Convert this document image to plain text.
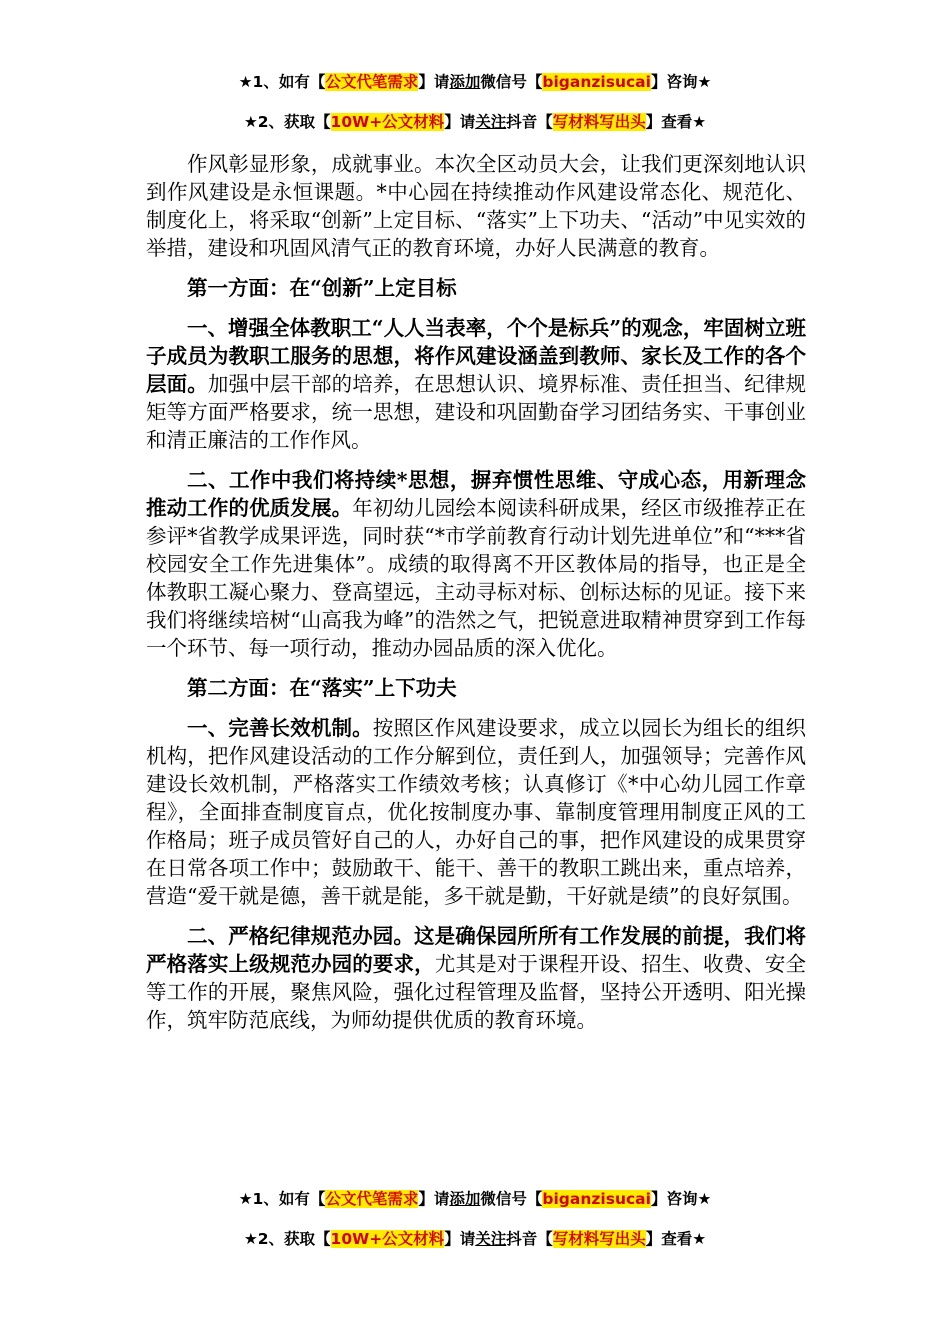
★1、如有【公文代笔需求】请添加微信号【biganzisucai】咨询★
★2、获取【10W+公文材料】请关注抖音【写材料写出头】查看★

作风彰显形象，成就事业。本次全区动员大会，让我们更深刻地认识到作风建设是永恒课题。*中心园在持续推动作风建设常态化、规范化、制度化上，将采取“创新”上定目标、“落实”上下功夫、“活动”中见实效的举措，建设和巩固风清气正的教育环境，办好人民满意的教育。

第一方面：在“创新”上定目标

一、增强全体教职工“人人当表率，个个是标兵”的观念，牢固树立班子成员为教职工服务的思想，将作风建设涵盖到教师、家长及工作的各个层面。加强中层干部的培养，在思想认识、境界标准、责任担当、纪律规矩等方面严格要求，统一思想，建设和巩固勤奋学习团结务实、干事创业和清正廉洁的工作作风。

二、工作中我们将持续*思想，摒弃惯性思维、守成心态，用新理念推动工作的优质发展。年初幼儿园绘本阅读科研成果，经区市级推荐正在参评*省教学成果评选，同时获“*市学前教育行动计划先进单位”和“***省校园安全工作先进集体”。成绩的取得离不开区教体局的指导，也正是全体教职工凝心聚力、登高望远，主动寻标对标、创标达标的见证。接下来我们将继续培树“山高我为峰”的浩然之气，把锐意进取精神贯穿到工作每一个环节、每一项行动，推动办园品质的深入优化。

第二方面：在“落实”上下功夫

一、完善长效机制。按照区作风建设要求，成立以园长为组长的组织机构，把作风建设活动的工作分解到位，责任到人，加强领导；完善作风建设长效机制，严格落实工作绩效考核；认真修订《*中心幼儿园工作章程》，全面排查制度盲点，优化按制度办事、靠制度管理用制度正风的工作格局；班子成员管好自己的人，办好自己的事，把作风建设的成果贯穿在日常各项工作中；鼓励敢干、能干、善干的教职工跳出来，重点培养，营造“爱干就是德，善干就是能，多干就是勤，干好就是绩”的良好氛围。

二、严格纪律规范办园。这是确保园所所有工作发展的前提，我们将严格落实上级规范办园的要求，尤其是对于课程开设、招生、收费、安全等工作的开展，聚焦风险，强化过程管理及监督，坚持公开透明、阳光操作，筑牢防范底线，为师幼提供优质的教育环境。

★1、如有【公文代笔需求】请添加微信号【biganzisucai】咨询★
★2、获取【10W+公文材料】请关注抖音【写材料写出头】查看★
